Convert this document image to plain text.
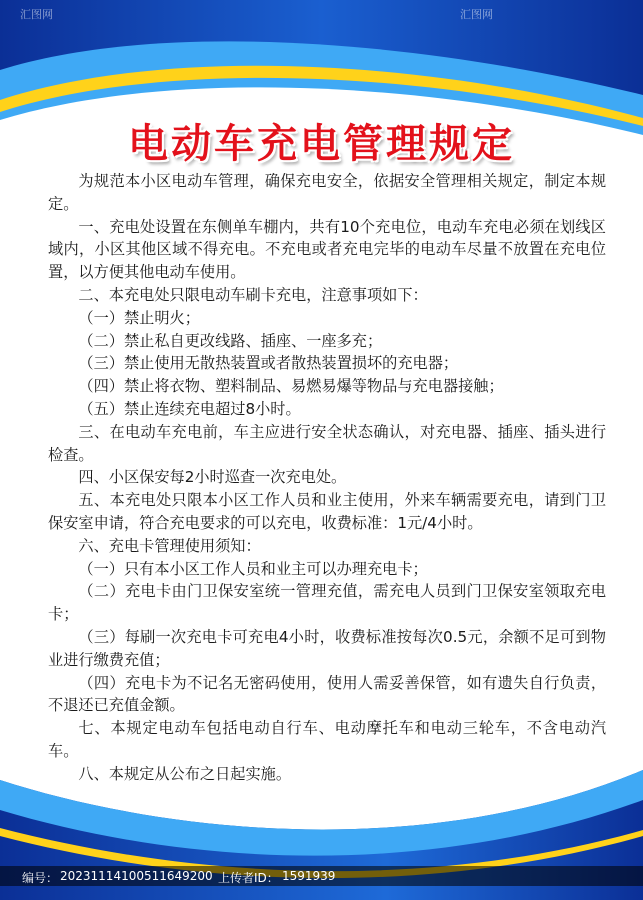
汇图网
汇图网
电动车充电管理规定

为规范本小区电动车管理，确保充电安全，依据安全管理相关规定，制定本规定。

一、充电处设置在东侧单车棚内，共有10个充电位，电动车充电必须在划线区域内，小区其他区域不得充电。不充电或者充电完毕的电动车尽量不放置在充电位置，以方便其他电动车使用。

二、本充电处只限电动车刷卡充电，注意事项如下：

（一）禁止明火；

（二）禁止私自更改线路、插座、一座多充；

（三）禁止使用无散热装置或者散热装置损坏的充电器；

（四）禁止将衣物、塑料制品、易燃易爆等物品与充电器接触；

（五）禁止连续充电超过8小时。

三、在电动车充电前，车主应进行安全状态确认，对充电器、插座、插头进行检查。

四、小区保安每2小时巡查一次充电处。

五、本充电处只限本小区工作人员和业主使用，外来车辆需要充电，请到门卫保安室申请，符合充电要求的可以充电，收费标准：1元/4小时。

六、充电卡管理使用须知：

（一）只有本小区工作人员和业主可以办理充电卡；

（二）充电卡由门卫保安室统一管理充值，需充电人员到门卫保安室领取充电卡；

（三）每刷一次充电卡可充电4小时，收费标准按每次0.5元，余额不足可到物业进行缴费充值；

（四）充电卡为不记名无密码使用，使用人需妥善保管，如有遗失自行负责，不退还已充值金额。

七、本规定电动车包括电动自行车、电动摩托车和电动三轮车，不含电动汽车。

八、本规定从公布之日起实施。

编号： 20231114100511649200 上传者ID： 1591939
